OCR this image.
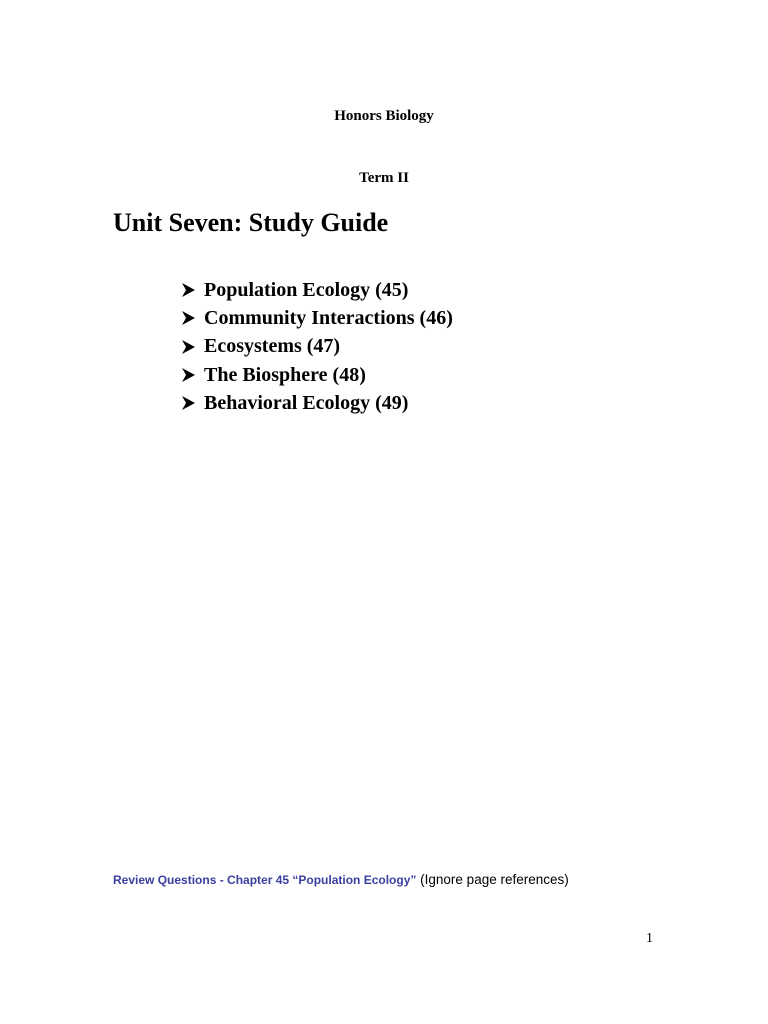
Honors Biology
Term II
Unit Seven: Study Guide
Population Ecology (45)
Community Interactions (46)
Ecosystems (47)
The Biosphere (48)
Behavioral Ecology (49)
Review Questions - Chapter 45 “Population Ecology” (Ignore page references)
1
